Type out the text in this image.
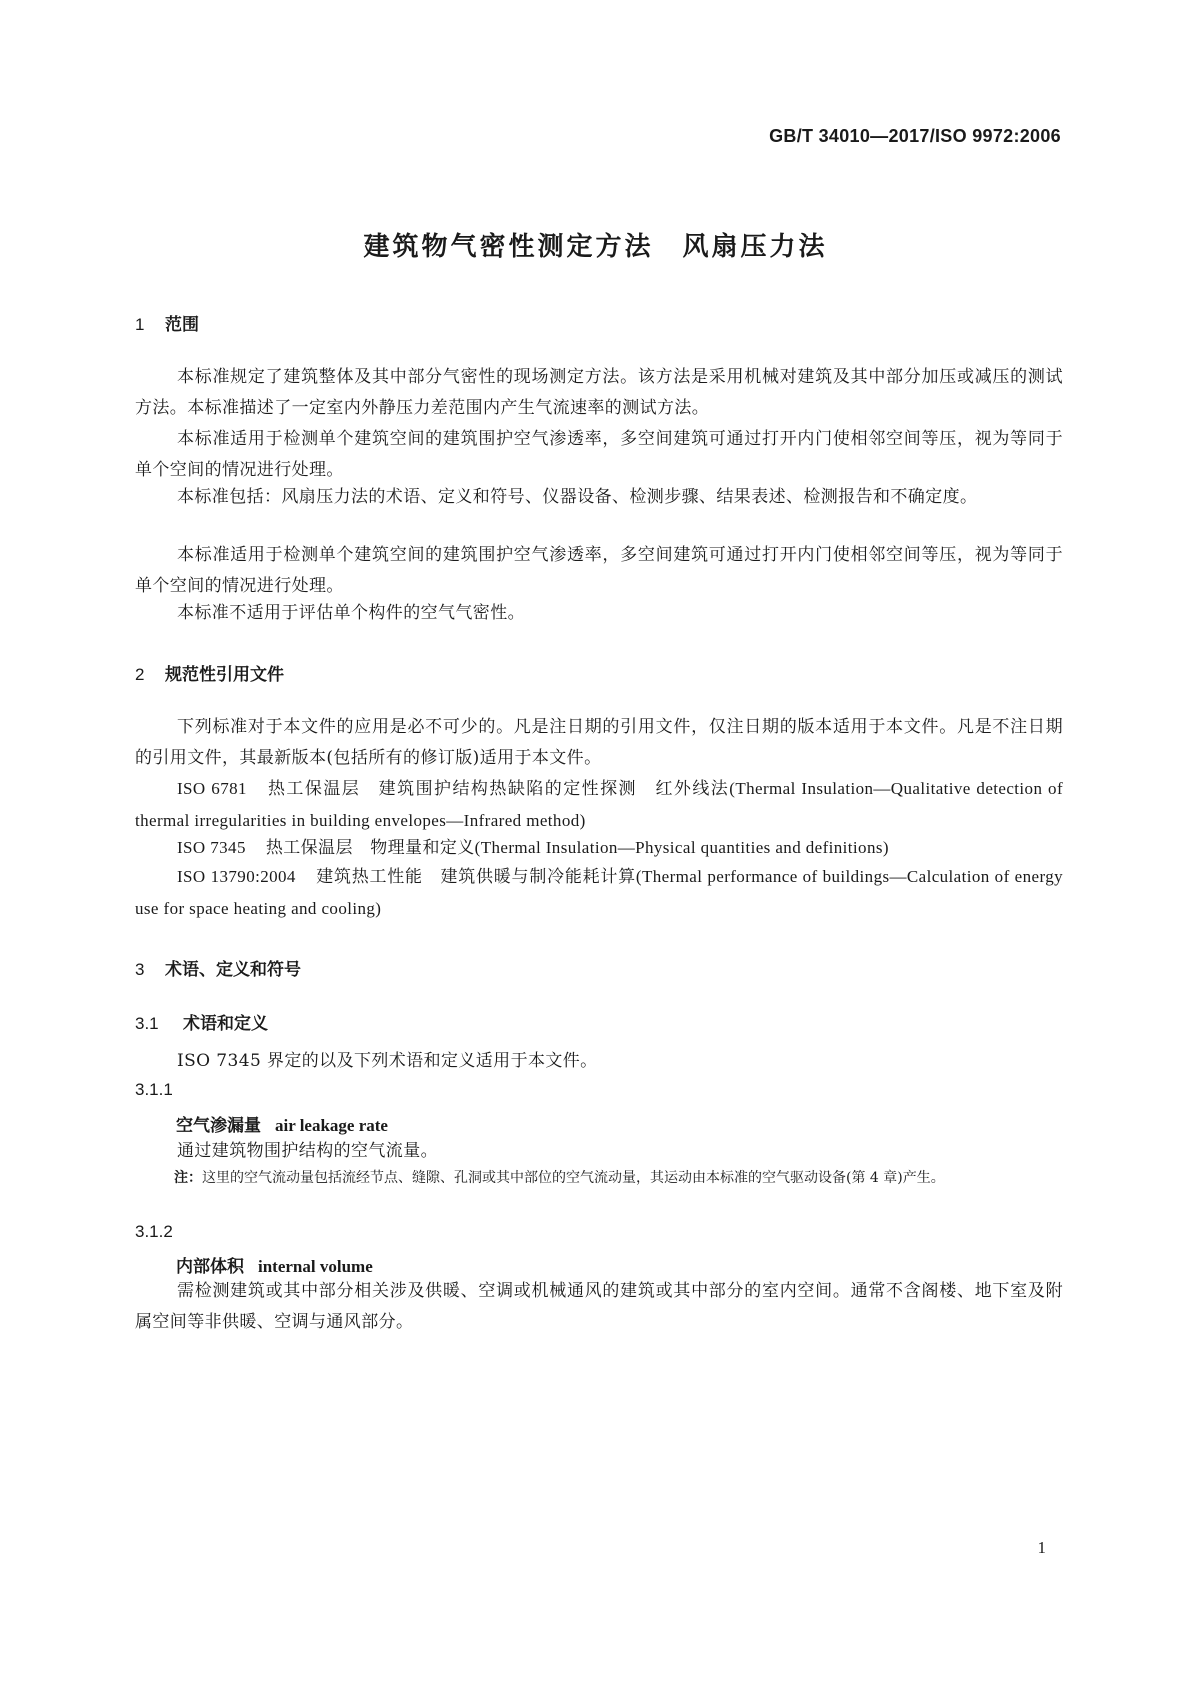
GB/T 34010—2017/ISO 9972:2006
建筑物气密性测定方法　风扇压力法
1 范围

本标准规定了建筑整体及其中部分气密性的现场测定方法。该方法是采用机械对建筑及其中部分加压或减压的测试方法。本标准描述了一定室内外静压力差范围内产生气流速率的测试方法。

本标准适用于检测单个建筑空间的建筑围护空气渗透率，多空间建筑可通过打开内门使相邻空间等压，视为等同于单个空间的情况进行处理。

本标准包括：风扇压力法的术语、定义和符号、仪器设备、检测步骤、结果表述、检测报告和不确定度。

本标准适用于检测单个建筑空间的建筑围护空气渗透率，多空间建筑可通过打开内门使相邻空间等压，视为等同于单个空间的情况进行处理。

本标准不适用于评估单个构件的空气气密性。

2 规范性引用文件

下列标准对于本文件的应用是必不可少的。凡是注日期的引用文件，仅注日期的版本适用于本文件。凡是不注日期的引用文件，其最新版本(包括所有的修订版)适用于本文件。

ISO 6781 热工保温层　建筑围护结构热缺陷的定性探测　红外线法(Thermal Insulation—Qualitative detection of thermal irregularities in building envelopes—Infrared method)

ISO 7345 热工保温层　物理量和定义(Thermal Insulation—Physical quantities and definitions)

ISO 13790:2004 建筑热工性能　建筑供暖与制冷能耗计算(Thermal performance of buildings—Calculation of energy use for space heating and cooling)

3 术语、定义和符号
3.1 术语和定义

ISO 7345 界定的以及下列术语和定义适用于本文件。

3.1.1
空气渗漏量 air leakage rate

通过建筑物围护结构的空气流量。

注： 这里的空气流动量包括流经节点、缝隙、孔洞或其中部位的空气流动量，其运动由本标准的空气驱动设备(第 4 章)产生。
3.1.2
内部体积 internal volume

需检测建筑或其中部分相关涉及供暖、空调或机械通风的建筑或其中部分的室内空间。通常不含阁楼、地下室及附属空间等非供暖、空调与通风部分。

1
